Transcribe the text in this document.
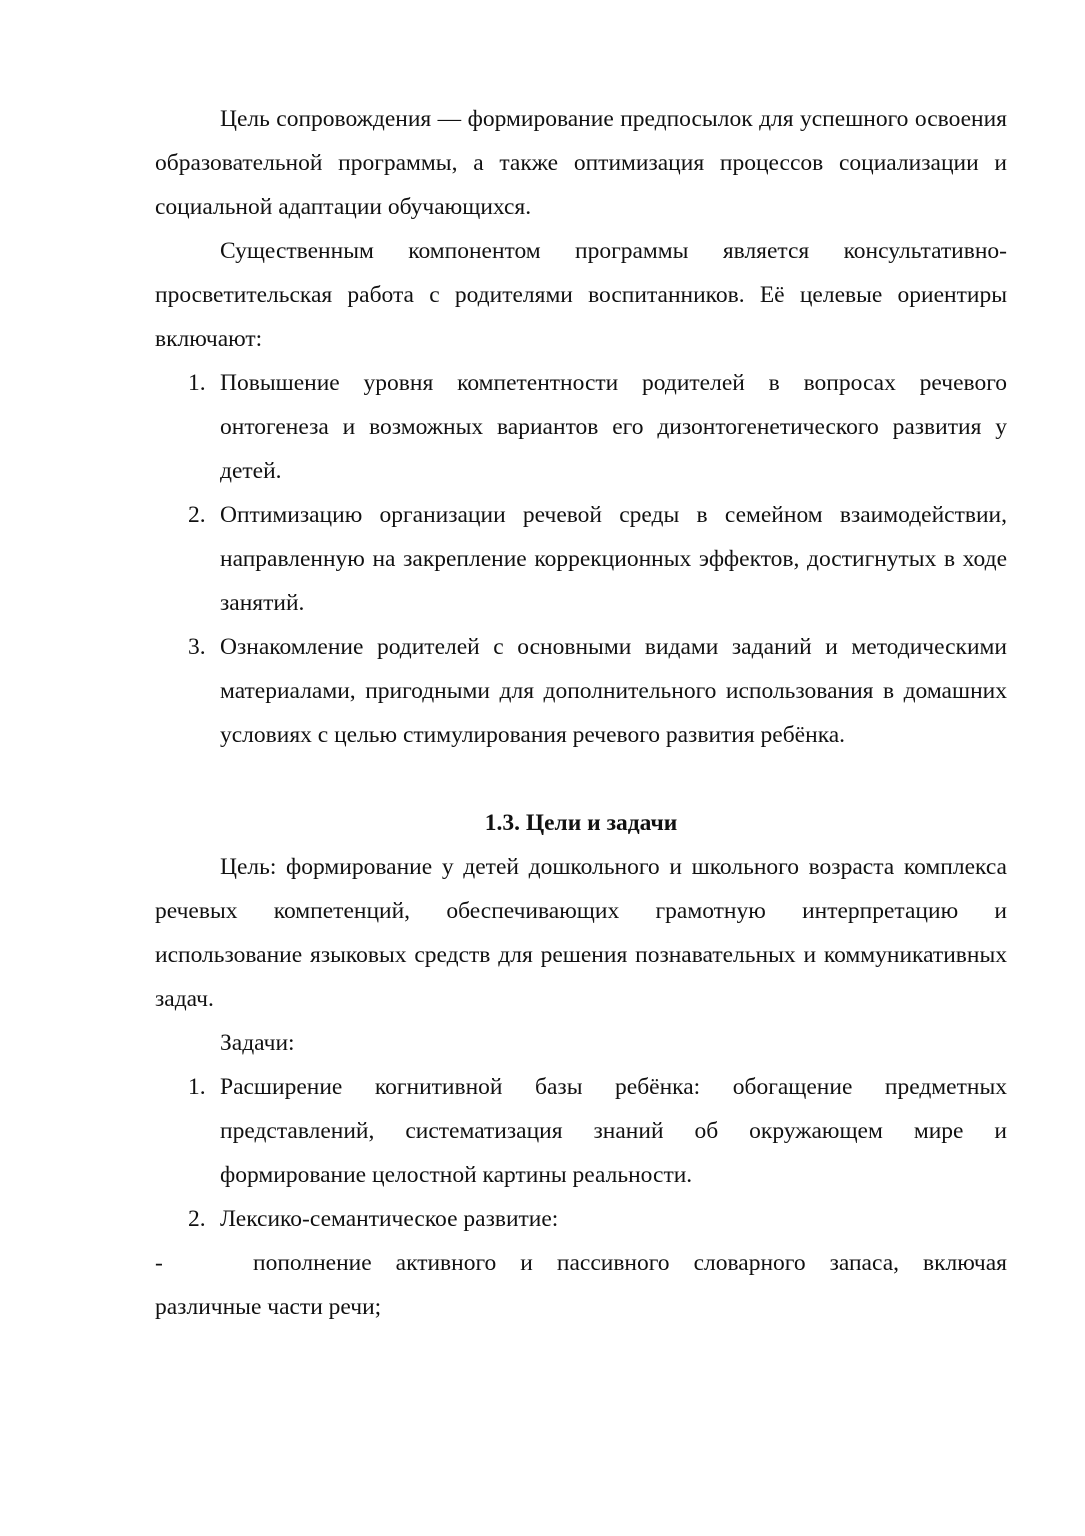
Цель сопровождения — формирование предпосылок для успешного освоения образовательной программы, а также оптимизация процессов социализации и социальной адаптации обучающихся.

Существенным компонентом программы является консультативно-просветительская работа с родителями воспитанников. Её целевые ориентиры включают:

1. Повышение уровня компетентности родителей в вопросах речевого онтогенеза и возможных вариантов его дизонтогенетического развития у детей.
2. Оптимизацию организации речевой среды в семейном взаимодействии, направленную на закрепление коррекционных эффектов, достигнутых в ходе занятий.
3. Ознакомление родителей с основными видами заданий и методическими материалами, пригодными для дополнительного использования в домашних условиях с целью стимулирования речевого развития ребёнка.

1.3. Цели и задачи

Цель: формирование у детей дошкольного и школьного возраста комплекса речевых компетенций, обеспечивающих грамотную интерпретацию и использование языковых средств для решения познавательных и коммуникативных задач.

Задачи:

1. Расширение когнитивной базы ребёнка: обогащение предметных представлений, систематизация знаний об окружающем мире и формирование целостной картины реальности.
2. Лексико-семантическое развитие:

-	пополнение активного и пассивного словарного запаса, включая различные части речи;
